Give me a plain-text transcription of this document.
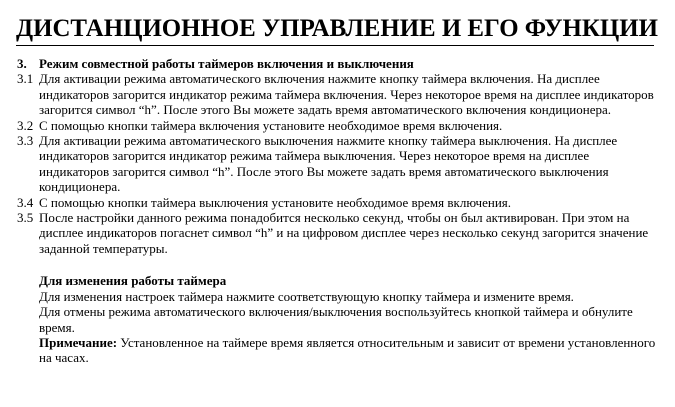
ДИСТАНЦИОННОЕ УПРАВЛЕНИЕ И ЕГО ФУНКЦИИ
3. Режим совместной работы таймеров включения и выключения
3.1 Для активации режима автоматического включения нажмите кнопку таймера включения. На дисплее индикаторов загорится индикатор режима таймера включения. Через некоторое время на дисплее индикаторов загорится символ “h”. После этого Вы можете задать время автоматического включения кондиционера.
3.2 С помощью кнопки таймера включения установите необходимое время включения.
3.3 Для активации режима автоматического выключения нажмите кнопку таймера выключения. На дисплее индикаторов загорится индикатор режима таймера выключения. Через некоторое время на дисплее индикаторов загорится символ “h”. После этого Вы можете задать время автоматического выключения кондиционера.
3.4 С помощью кнопки таймера выключения установите необходимое время включения.
3.5 После настройки данного режима понадобится несколько секунд, чтобы он был активирован. При этом на дисплее индикаторов погаснет символ “h” и на цифровом дисплее через несколько секунд загорится значение заданной температуры.
Для изменения работы таймера
Для изменения настроек таймера нажмите соответствующую кнопку таймера и измените время.
Для отмены режима автоматического включения/выключения воспользуйтесь кнопкой таймера и обнулите время.
Примечание: Установленное на таймере время является относительным и зависит от времени установленного на часах.
